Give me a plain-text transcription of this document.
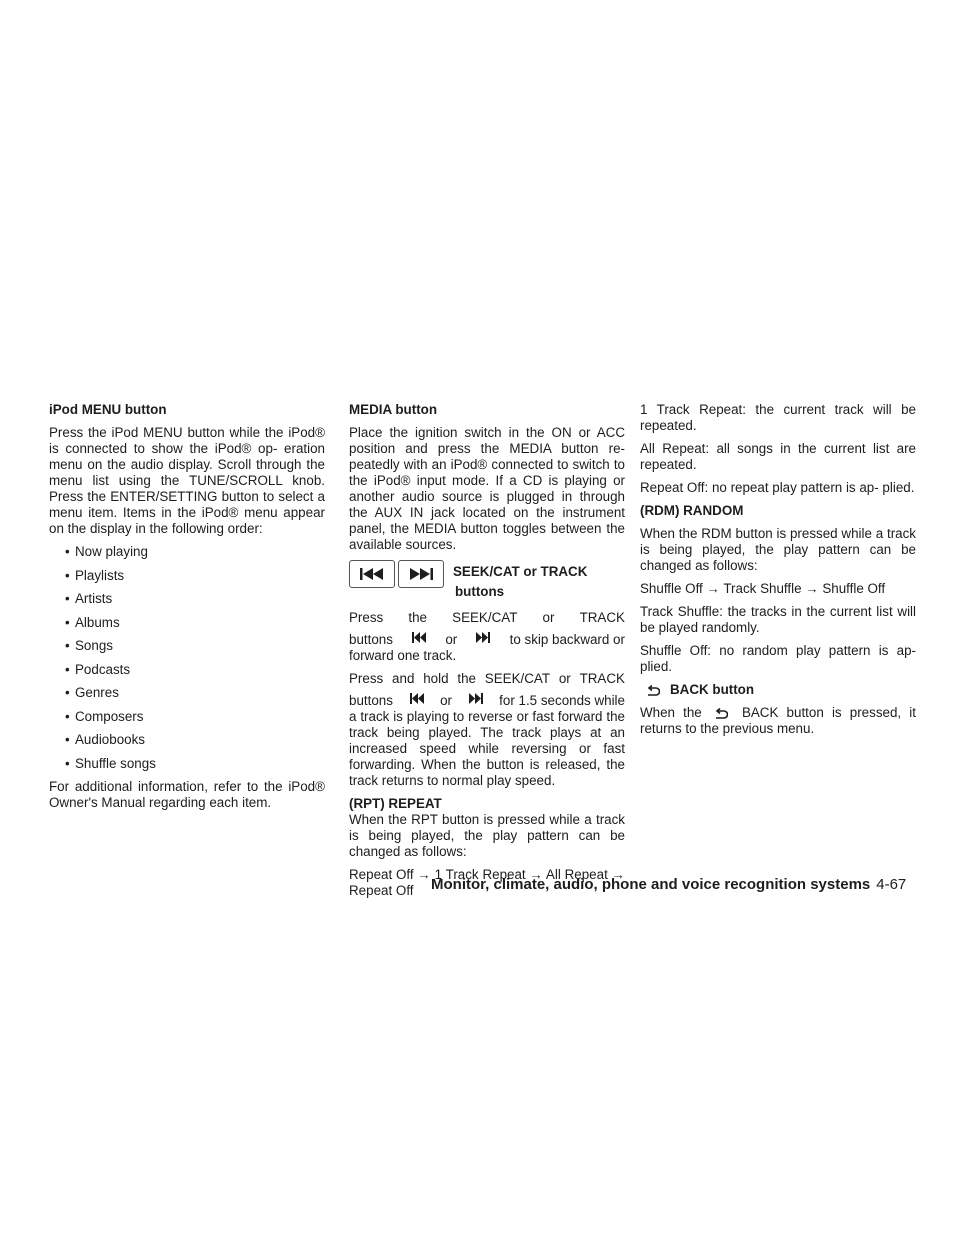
iPod MENU button
Press the iPod MENU button while the iPod® is connected to show the iPod® op- eration menu on the audio display. Scroll through the menu list using the TUNE/SCROLL knob. Press the ENTER/SETTING button to select a menu item. Items in the iPod® menu appear on the display in the following order:
• Now playing
• Playlists
• Artists
• Albums
• Songs
• Podcasts
• Genres
• Composers
• Audiobooks
• Shuffle songs
For additional information, refer to the iPod® Owner's Manual regarding each item.
MEDIA button
Place the ignition switch in the ON or ACC position and press the MEDIA button re- peatedly with an iPod® connected to switch to the iPod® input mode. If a CD is playing or another audio source is plugged in through the AUX IN jack located on the instrument panel, the MEDIA button toggles between the available sources.
SEEK/CAT or TRACK
buttons
Press the SEEK/CAT or TRACK
buttons	or	to skip backward or
forward one track.
Press and hold the SEEK/CAT or TRACK
buttons	or	for 1.5 seconds while
a track is playing to reverse or fast forward the track being played. The track plays at an increased speed while reversing or fast forwarding. When the button is released, the track returns to normal play speed.
(RPT) REPEAT
When the RPT button is pressed while a track is being played, the play pattern can be changed as follows:
Repeat Off → 1 Track Repeat → All Repeat → Repeat Off
1 Track Repeat: the current track will be repeated.
All Repeat: all songs in the current list are repeated.
Repeat Off: no repeat play pattern is ap- plied.
(RDM) RANDOM
When the RDM button is pressed while a track is being played, the play pattern can be changed as follows:
Shuffle Off → Track Shuffle → Shuffle Off
Track Shuffle: the tracks in the current list will be played randomly.
Shuffle Off: no random play pattern is ap- plied.
BACK button
When the	BACK button is pressed, it returns to the previous menu.
Monitor, climate, audio, phone and voice recognition systems 4-67
